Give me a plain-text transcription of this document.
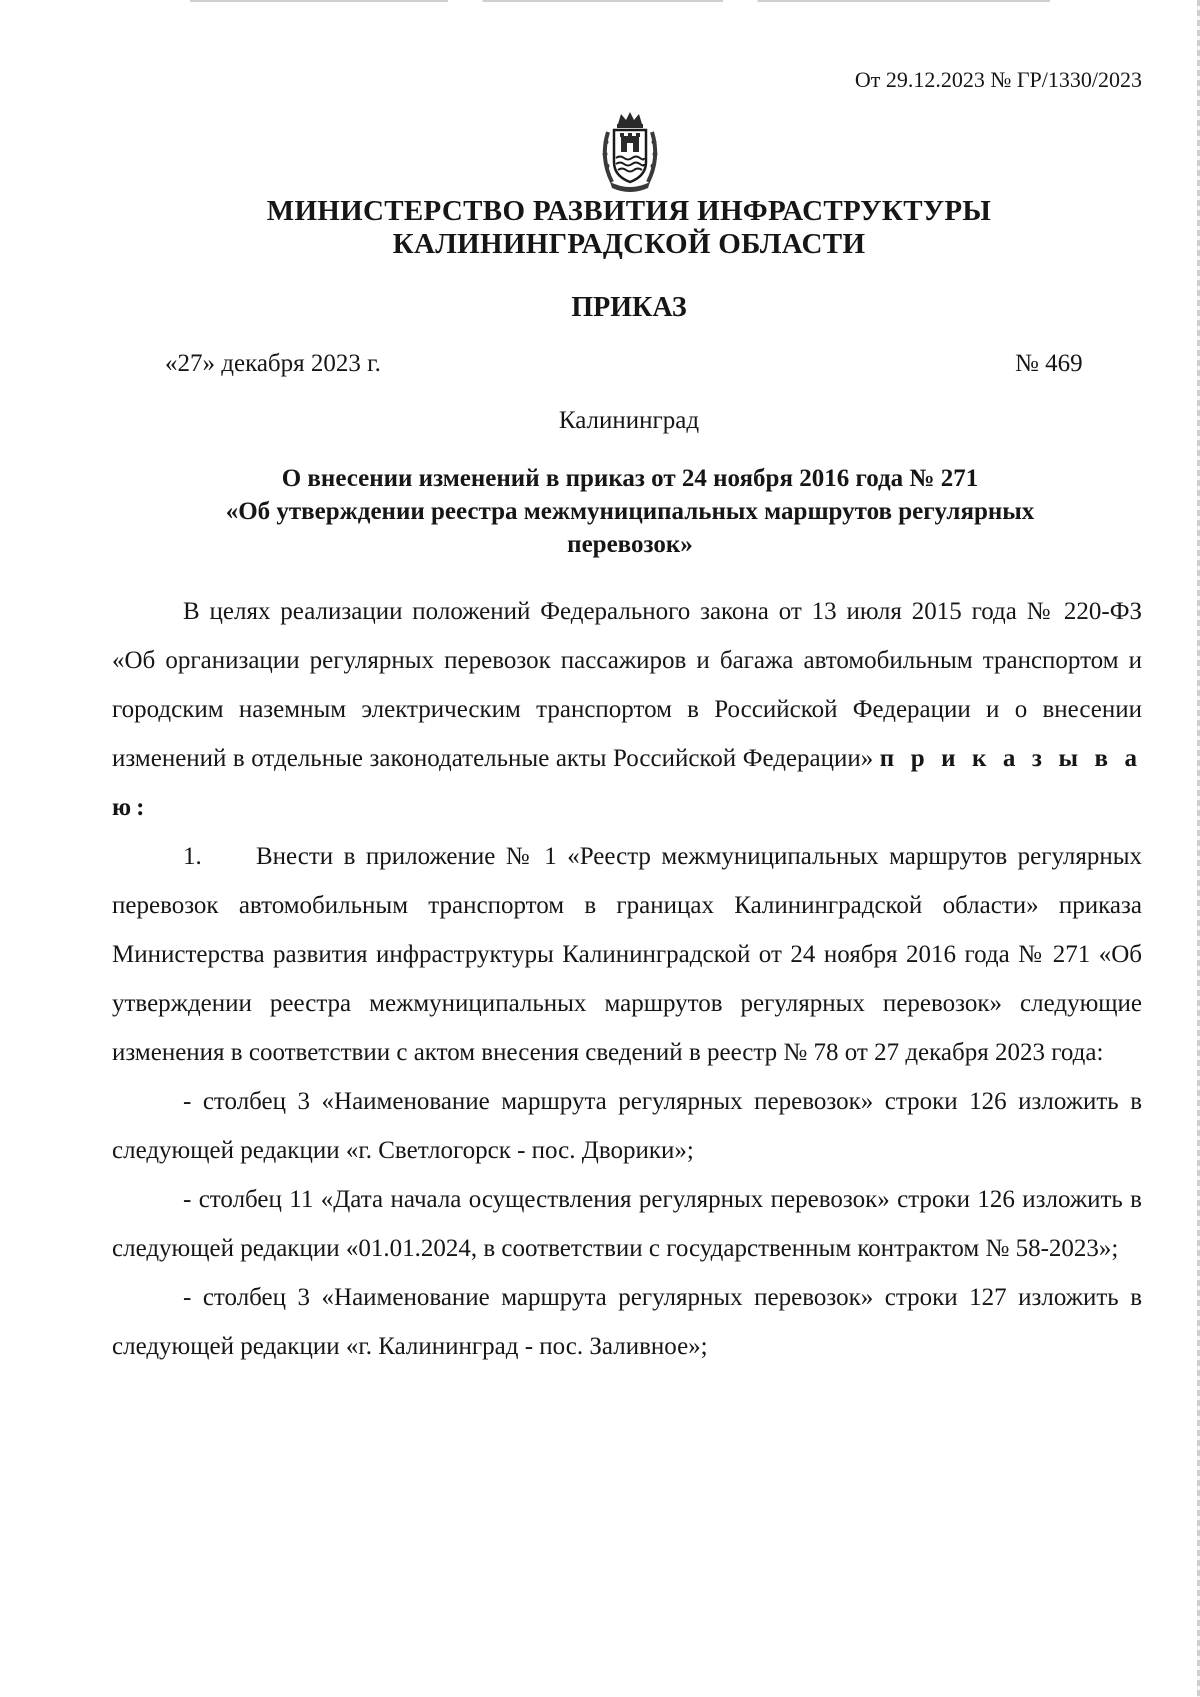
От 29.12.2023 № ГР/1330/2023
МИНИСТЕРСТВО РАЗВИТИЯ ИНФРАСТРУКТУРЫ
КАЛИНИНГРАДСКОЙ ОБЛАСТИ
ПРИКАЗ
«27» декабря 2023 г.	№ 469
Калининград
О внесении изменений в приказ от 24 ноября 2016 года № 271
«Об утверждении реестра межмуниципальных маршрутов регулярных
перевозок»

В целях реализации положений Федерального закона от 13 июля 2015 года № 220-ФЗ «Об организации регулярных перевозок пассажиров и багажа автомобильным транспортом и городским наземным электрическим транспортом в Российской Федерации и о внесении изменений в отдельные законодательные акты Российской Федерации» п р и к а з ы в а ю:

1. Внести в приложение № 1 «Реестр межмуниципальных маршрутов регулярных перевозок автомобильным транспортом в границах Калининградской области» приказа Министерства развития инфраструктуры Калининградской от 24 ноября 2016 года № 271 «Об утверждении реестра межмуниципальных маршрутов регулярных перевозок» следующие изменения в соответствии с актом внесения сведений в реестр № 78 от 27 декабря 2023 года:

- столбец 3 «Наименование маршрута регулярных перевозок» строки 126 изложить в следующей редакции «г. Светлогорск - пос. Дворики»;

- столбец 11 «Дата начала осуществления регулярных перевозок» строки 126 изложить в следующей редакции «01.01.2024, в соответствии с государственным контрактом № 58-2023»;

- столбец 3 «Наименование маршрута регулярных перевозок» строки 127 изложить в следующей редакции «г. Калининград - пос. Заливное»;
